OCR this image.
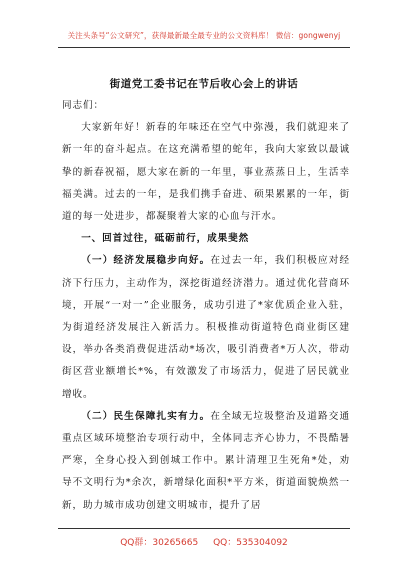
关注头条号“公文研究”，获得最新最全最专业的公文资料库！ 微信：gongwenyj
街道党工委书记在节后收心会上的讲话

同志们：

大家新年好！新春的年味还在空气中弥漫，我们就迎来了新一年的奋斗起点。在这充满希望的蛇年，我向大家致以最诚挚的新春祝福，愿大家在新的一年里，事业蒸蒸日上，生活幸福美满。过去的一年，是我们携手奋进、硕果累累的一年，街道的每一处进步，都凝聚着大家的心血与汗水。

一、回首过往，砥砺前行，成果斐然

（一）经济发展稳步向好。在过去一年，我们积极应对经济下行压力，主动作为，深挖街道经济潜力。通过优化营商环境，开展“一对一”企业服务，成功引进了*家优质企业入驻，为街道经济发展注入新活力。积极推动街道特色商业街区建设，举办各类消费促进活动*场次，吸引消费者*万人次，带动街区营业额增长*%，有效激发了市场活力，促进了居民就业增收。

（二）民生保障扎实有力。在全域无垃圾整治及道路交通重点区域环境整治专项行动中，全体同志齐心协力，不畏酷暑严寒，全身心投入到创城工作中。累计清理卫生死角*处，劝导不文明行为*余次，新增绿化面积*平方米，街道面貌焕然一新，助力城市成功创建文明城市，提升了居

QQ群：30265665 QQ：535304092
